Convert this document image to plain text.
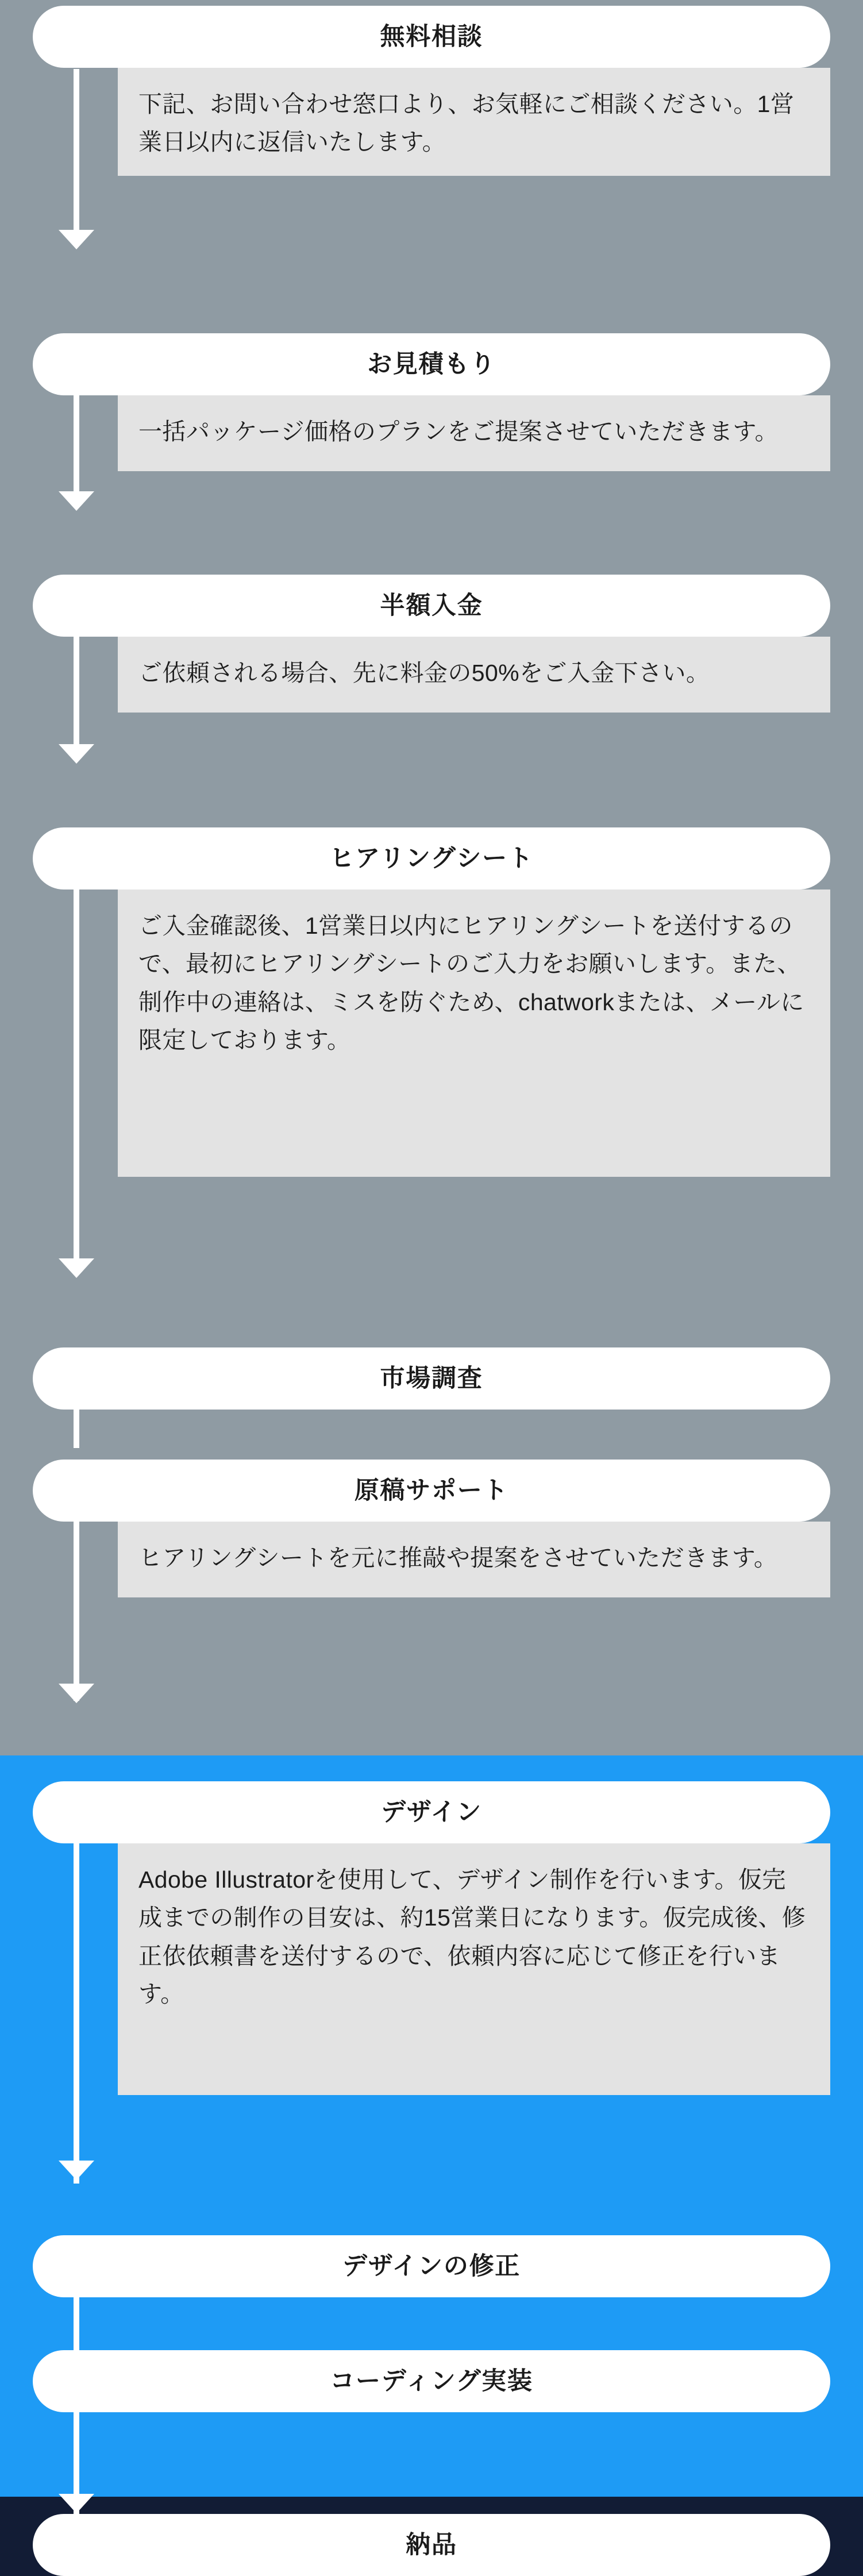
無料相談
下記、お問い合わせ窓口より、お気軽にご相談ください。1営業日以内に返信いたします。
お見積もり
一括パッケージ価格のプランをご提案させていただきます。
半額入金
ご依頼される場合、先に料金の50%をご入金下さい。
ヒアリングシート
ご入金確認後、1営業日以内にヒアリングシートを送付するので、最初にヒアリングシートのご入力をお願いします。また、制作中の連絡は、ミスを防ぐため、chatworkまたは、メールに限定しております。
市場調査
原稿サポート
ヒアリングシートを元に推敲や提案をさせていただきます。
デザイン
Adobe Illustratorを使用して、デザイン制作を行います。仮完成までの制作の目安は、約15営業日になります。仮完成後、修正依依頼書を送付するので、依頼内容に応じて修正を行います。
デザインの修正
コーディング実装
納品
